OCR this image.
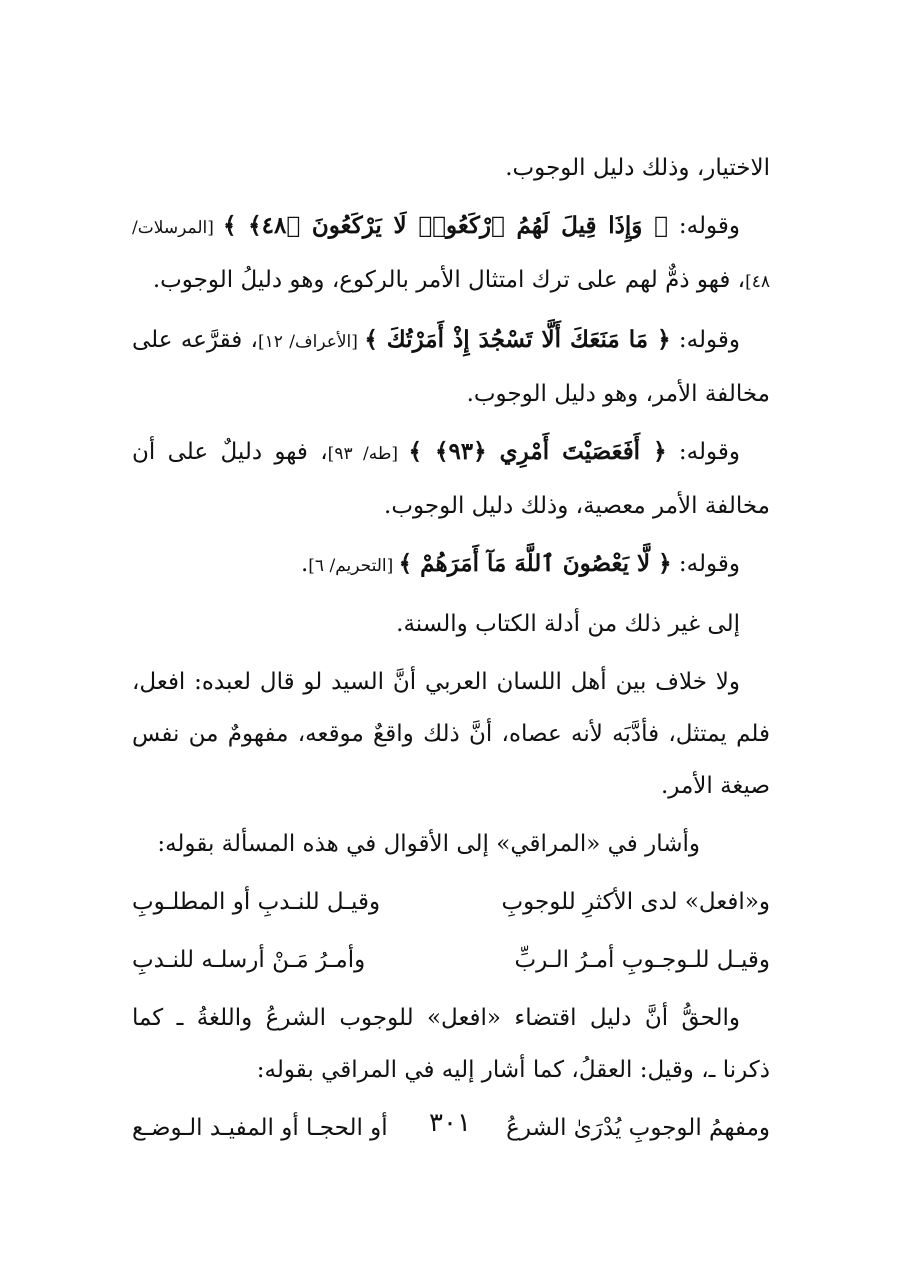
الاختيار، وذلك دليل الوجوب.

وقوله: ﴿ وَإِذَا قِيلَ لَهُمُ ٱرْكَعُوا۟ لَا يَرْكَعُونَ ﴿٤٨﴾ ﴾ [المرسلات/ ٤٨]، فهو ذمٌّ لهم على ترك امتثال الأمر بالركوع، وهو دليلُ الوجوب.

وقوله: ﴿ مَا مَنَعَكَ أَلَّا تَسْجُدَ إِذْ أَمَرْتُكَ ﴾ [الأعراف/ ١٢]، فقرَّعه على مخالفة الأمر، وهو دليل الوجوب.

وقوله: ﴿ أَفَعَصَيْتَ أَمْرِي ﴿٩٣﴾ ﴾ [طه/ ٩٣]، فهو دليلٌ على أن مخالفة الأمر معصية، وذلك دليل الوجوب.

وقوله: ﴿ لَّا يَعْصُونَ ٱللَّهَ مَآ أَمَرَهُمْ ﴾ [التحريم/ ٦].

إلى غير ذلك من أدلة الكتاب والسنة.

ولا خلاف بين أهل اللسان العربي أنَّ السيد لو قال لعبده: افعل، فلم يمتثل، فأدَّبَه لأنه عصاه، أنَّ ذلك واقعٌ موقعه، مفهومٌ من نفس صيغة الأمر.

وأشار في «المراقي» إلى الأقوال في هذه المسألة بقوله:

و«افعل» لدى الأكثرِ للوجوبِ
وقيـل للنـدبِ أو المطلـوبِ
وقيـل للـوجـوبِ أمـرُ الـربِّ
وأمـرُ مَـنْ أرسلـه للنـدبِ

والحقُّ أنَّ دليل اقتضاء «افعل» للوجوب الشرعُ واللغةُ ـ كما ذكرنا ـ، وقيل: العقلُ، كما أشار إليه في المراقي بقوله:

ومفهمُ الوجوبِ يُدْرَىٰ الشرعُ
أو الحجـا أو المفيـد الـوضـع	٣٠١
